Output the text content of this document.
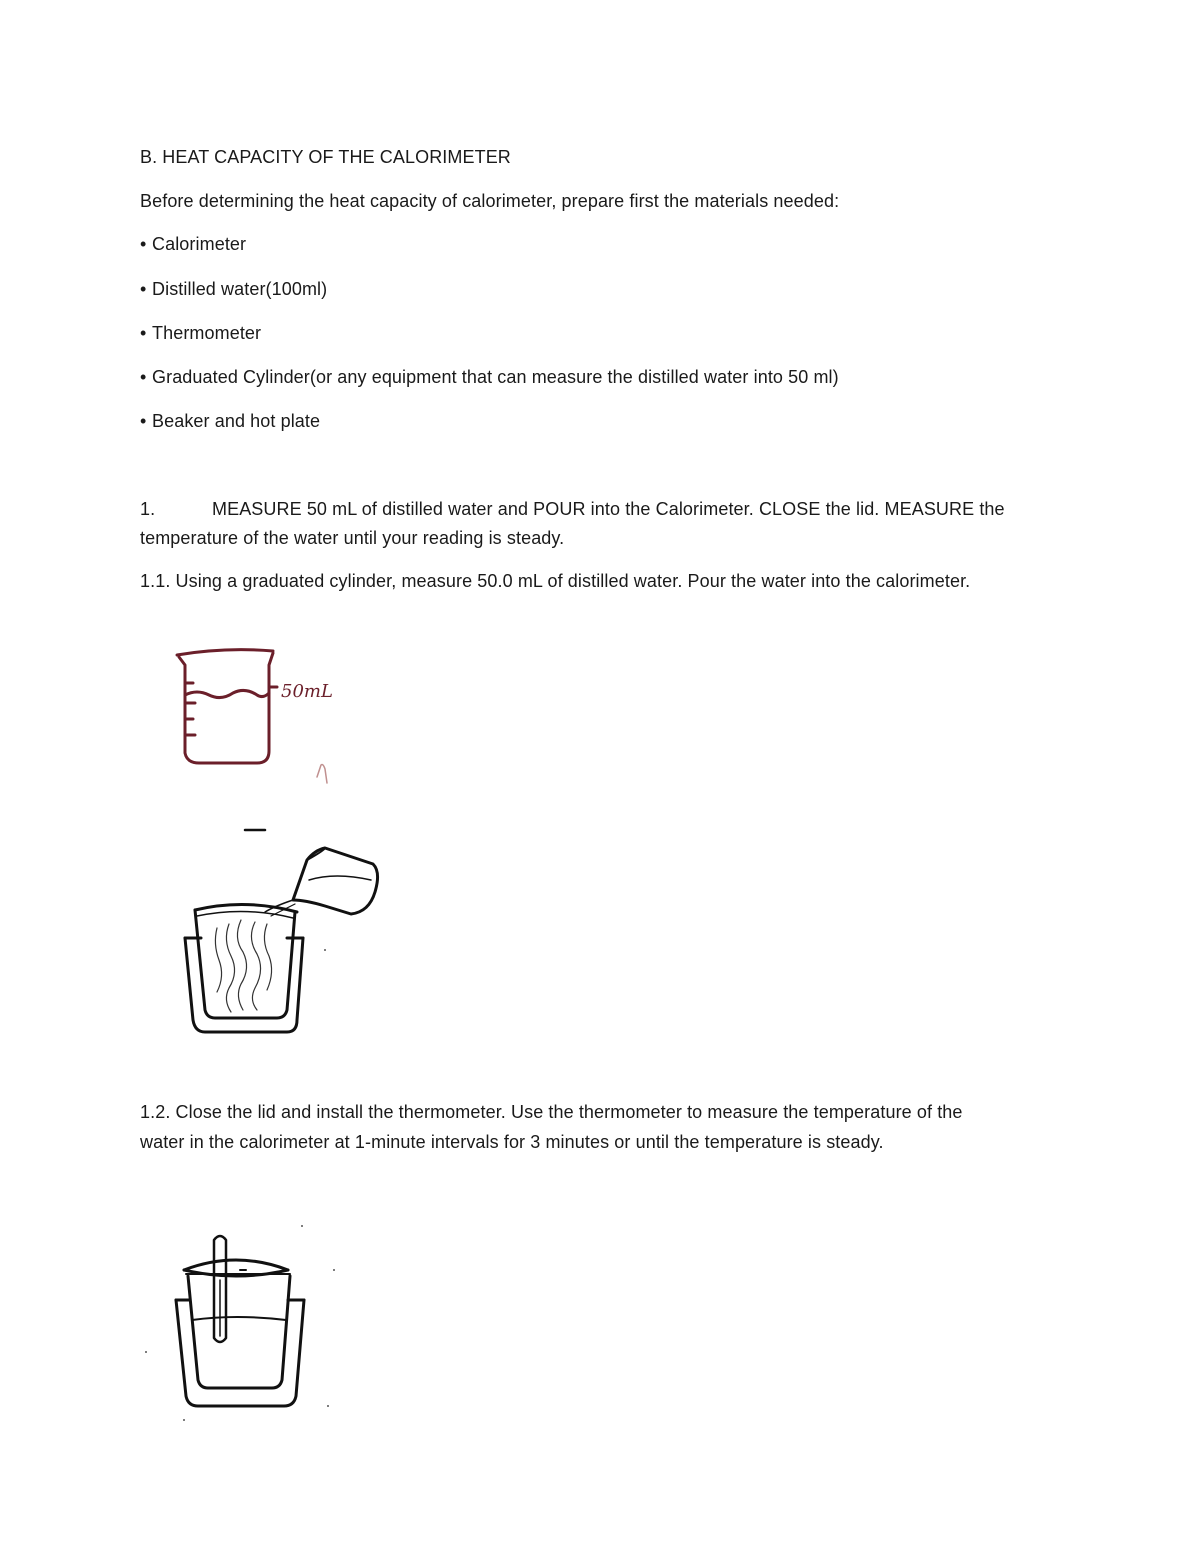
B. HEAT CAPACITY OF THE CALORIMETER
Before determining the heat capacity of calorimeter, prepare first the materials needed:
• Calorimeter
• Distilled water(100ml)
• Thermometer
• Graduated Cylinder(or any equipment that can measure the distilled water into 50 ml)
• Beaker and hot plate
1.	MEASURE 50 mL of distilled water and POUR into the Calorimeter. CLOSE the lid. MEASURE the
temperature of the water until your reading is steady.
1.1. Using a graduated cylinder, measure 50.0 mL of distilled water. Pour the water into the calorimeter.
50mL
1.2. Close the lid and install the thermometer. Use the thermometer to measure the temperature of the
water in the calorimeter at 1-minute intervals for 3 minutes or until the temperature is steady.
